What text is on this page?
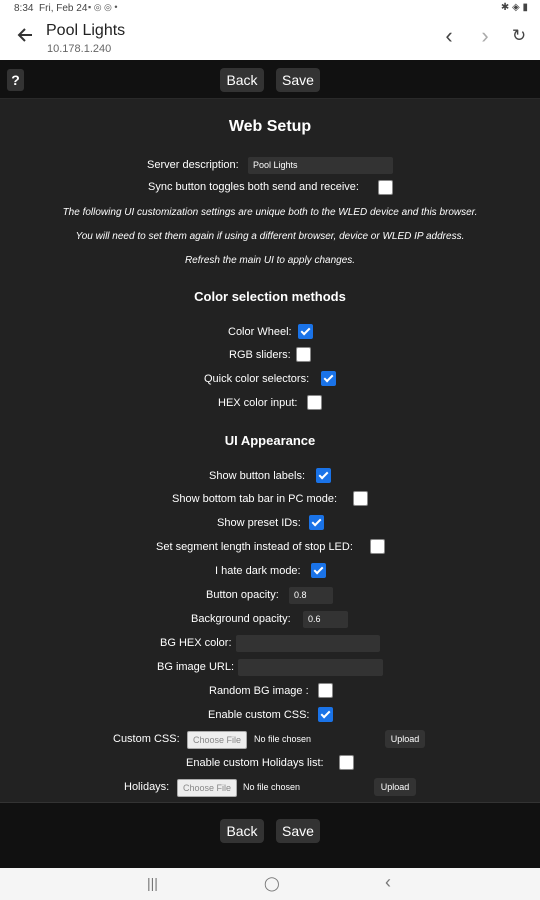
8:34 Fri, Feb 24 ▪ ◎ ◎ •	✱ ◈ ▮
Pool Lights
10.178.1.240
‹	›	↻
?	Back	Save
Web Setup
Server description:	Pool Lights
Sync button toggles both send and receive:
The following UI customization settings are unique both to the WLED device and this browser.
You will need to set them again if using a different browser, device or WLED IP address.
Refresh the main UI to apply changes.
Color selection methods
Color Wheel:
RGB sliders:
Quick color selectors:
HEX color input:
UI Appearance
Show button labels:
Show bottom tab bar in PC mode:
Show preset IDs:
Set segment length instead of stop LED:
I hate dark mode:
Button opacity:	0.8
Background opacity:	0.6
BG HEX color:
BG image URL:
Random BG image :
Enable custom CSS:
Custom CSS:	Choose File	No file chosen	Upload
Enable custom Holidays list:
Holidays:	Choose File	No file chosen	Upload
Back	Save
|||	◯	‹
